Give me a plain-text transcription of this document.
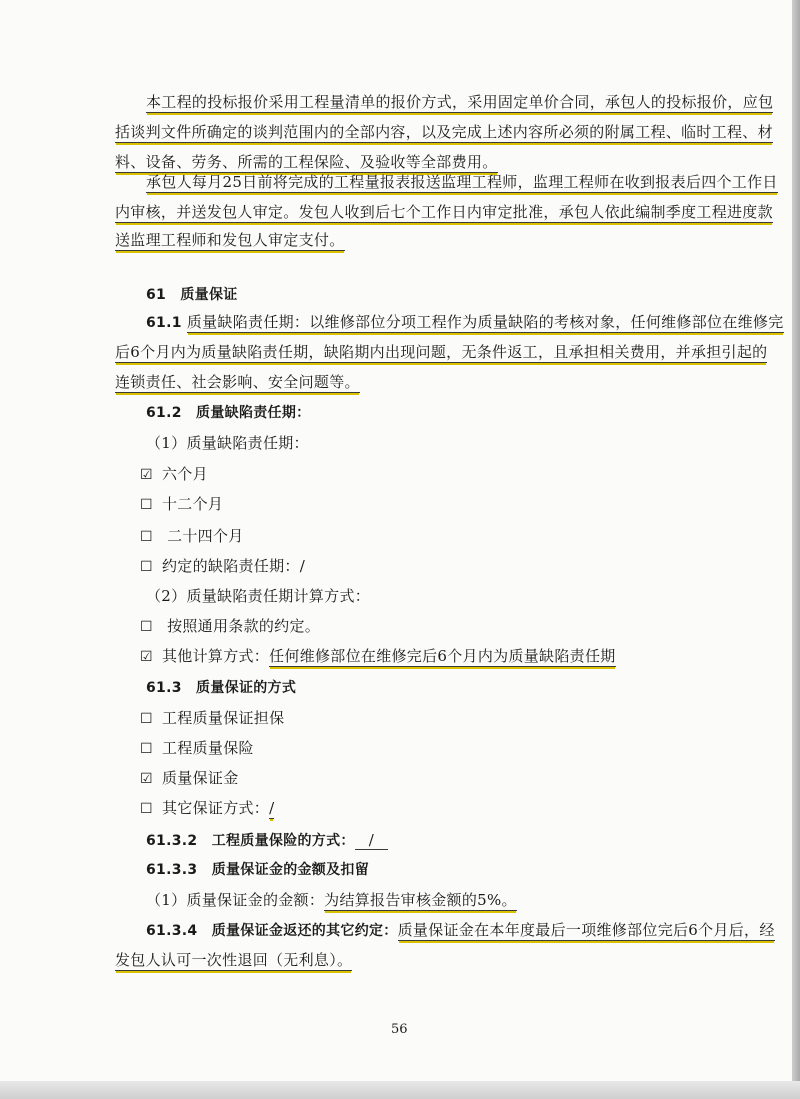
本工程的投标报价采用工程量清单的报价方式，采用固定单价合同，承包人的投标报价，应包
括谈判文件所确定的谈判范围内的全部内容，以及完成上述内容所必须的附属工程、临时工程、材
料、设备、劳务、所需的工程保险、及验收等全部费用。
承包人每月25日前将完成的工程量报表报送监理工程师，监理工程师在收到报表后四个工作日
内审核，并送发包人审定。发包人收到后七个工作日内审定批准，承包人依此编制季度工程进度款
送监理工程师和发包人审定支付。
61　质量保证
61.1 质量缺陷责任期：以维修部位分项工程作为质量缺陷的考核对象，任何维修部位在维修完
后6个月内为质量缺陷责任期，缺陷期内出现问题，无条件返工，且承担相关费用，并承担引起的
连锁责任、社会影响、安全问题等。
61.2　质量缺陷责任期：
（1）质量缺陷责任期：
☑ 六个月
☐ 十二个月
☐ 二十四个月
☐ 约定的缺陷责任期：/
（2）质量缺陷责任期计算方式：
☐ 按照通用条款的约定。
☑ 其他计算方式：任何维修部位在维修完后6个月内为质量缺陷责任期
61.3　质量保证的方式
☐ 工程质量保证担保
☐ 工程质量保险
☑ 质量保证金
☐ 其它保证方式：/
61.3.2　工程质量保险的方式： /
61.3.3　质量保证金的金额及扣留
（1）质量保证金的金额：为结算报告审核金额的5%。
61.3.4　质量保证金返还的其它约定：质量保证金在本年度最后一项维修部位完后6个月后，经
发包人认可一次性退回（无利息）。
56
